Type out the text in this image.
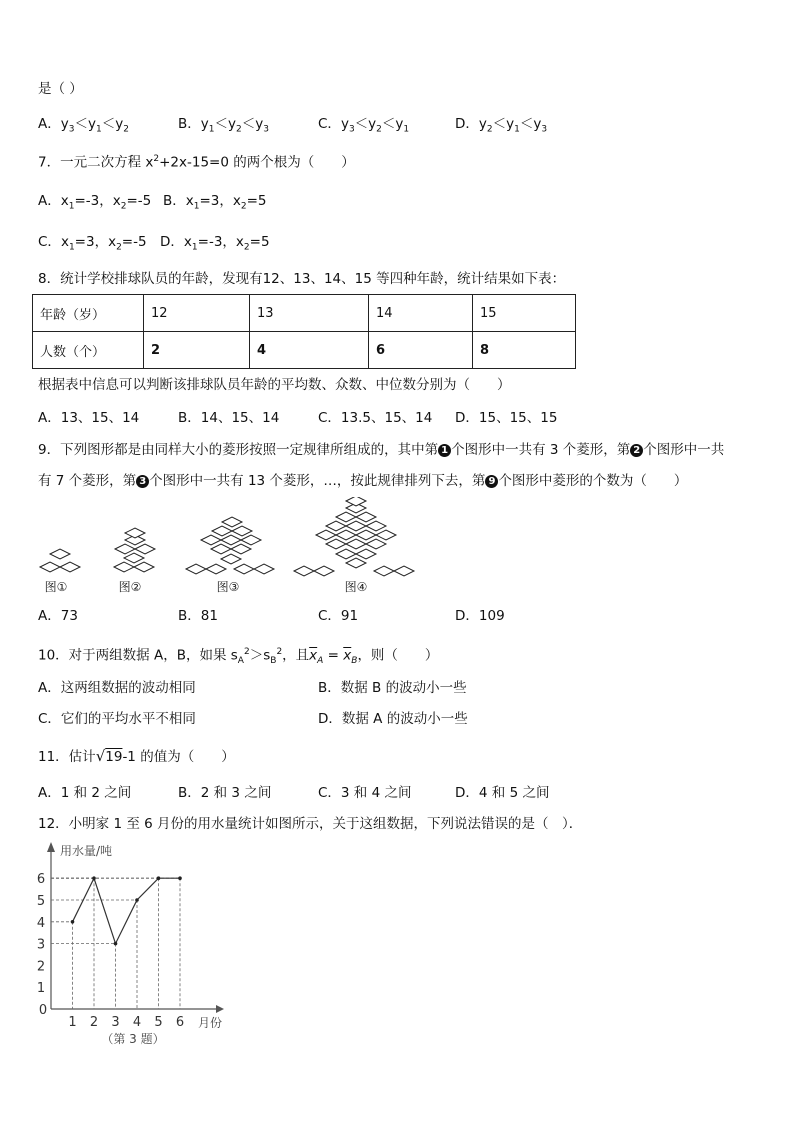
是（ ）
A．$y_3<y_1<y_2$	B．$y_1<y_2<y_3$	C．$y_3<y_2<y_1$	D．$y_2<y_1<y_3$
7．一元二次方程 $x^2+2x-15=0$ 的两个根为（　　）
A．$x_1=-3$，$x_2=-5$ B．$x_1=3$，$x_2=5$
C．$x_1=3$，$x_2=-5$ D．$x_1=-3$，$x_2=5$
8．统计学校排球队员的年龄，发现有12、13、14、15 等四种年龄，统计结果如下表：
年龄（岁）	12	13	14	15
人数（个）	2	4	6	8
根据表中信息可以判断该排球队员年龄的平均数、众数、中位数分别为（　　）
A．13、15、14	B．14、15、14	C．13.5、15、14 D．15、15、15
9．下列图形都是由同样大小的菱形按照一定规律所组成的，其中第 1 个图形中一共有 3 个菱形，第 2 个图形中一共
有 7 个菱形，第 3 个图形中一共有 13 个菱形，…，按此规律排列下去，第 9 个图形中菱形的个数为（　　）
图①	图②	图③	图④
A．73	B．81	C．91	D．109
10．对于两组数据 A，B，如果 $s_A^2>s_B^2$，且$\overline{x}_A = \overline{x}_B$，则（　　）
A．这两组数据的波动相同	B．数据 B 的波动小一些
C．它们的平均水平不相同	D．数据 A 的波动小一些
11．估计√19-1 的值为（　　）
A．1 和 2 之间	B．2 和 3 之间	C．3 和 4 之间	D．4 和 5 之间
12．小明家 1 至 6 月份的用水量统计如图所示，关于这组数据，下列说法错误的是（　）．
1
2
3
4
5
6
0
1 2 3 4 5 6
用水量/吨
月份
（第 3 题）
